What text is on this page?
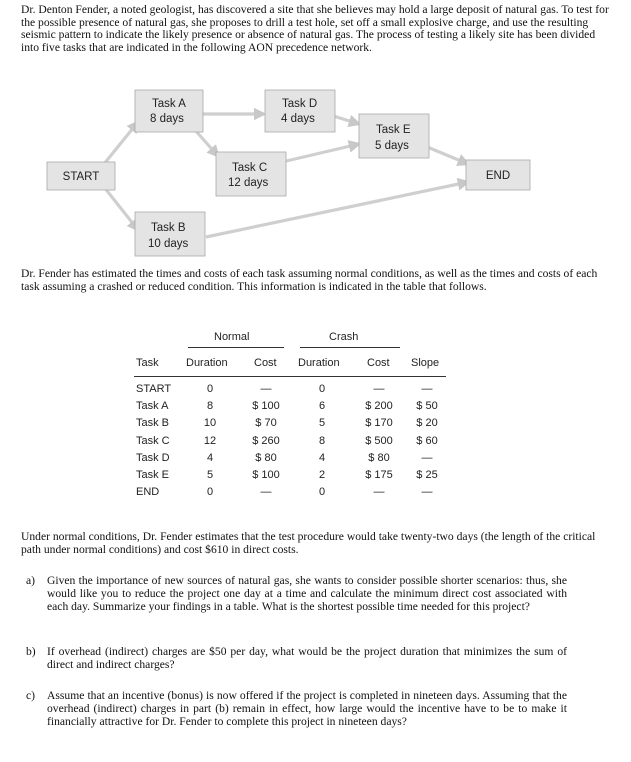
Dr. Denton Fender, a noted geologist, has discovered a site that she believes may hold a large deposit of natural gas. To test for the possible presence of natural gas, she proposes to drill a test hole, set off a small explosive charge, and use the resulting seismic pattern to indicate the likely presence or absence of natural gas. The process of testing a likely site has been divided into five tasks that are indicated in the following AON precedence network.

START
Task A
8 days
Task D
4 days
Task C
12 days
Task E
5 days
END
Task B
10 days

Dr. Fender has estimated the times and costs of each task assuming normal conditions, as well as the times and costs of each task assuming a crashed or reduced condition. This information is indicated in the table that follows.

Normal	Crash
Task Duration Cost Duration Cost Slope
START	0	—	0	—	—
Task A	8	$ 100	6	$ 200	$ 50
Task B	10	$ 70	5	$ 170	$ 20
Task C	12	$ 260	8	$ 500	$ 60
Task D	4	$ 80	4	$ 80	—
Task E	5	$ 100	2	$ 175	$ 25
END	0	—	0	—	—

Under normal conditions, Dr. Fender estimates that the test procedure would take twenty-two days (the length of the critical path under normal conditions) and cost $610 in direct costs.

a) Given the importance of new sources of natural gas, she wants to consider possible shorter scenarios: thus, she would like you to reduce the project one day at a time and calculate the minimum direct cost associated with each day. Summarize your findings in a table. What is the shortest possible time needed for this project?
b) If overhead (indirect) charges are $50 per day, what would be the project duration that minimizes the sum of direct and indirect charges?
c) Assume that an incentive (bonus) is now offered if the project is completed in nineteen days. Assuming that the overhead (indirect) charges in part (b) remain in effect, how large would the incentive have to be to make it financially attractive for Dr. Fender to complete this project in nineteen days?
